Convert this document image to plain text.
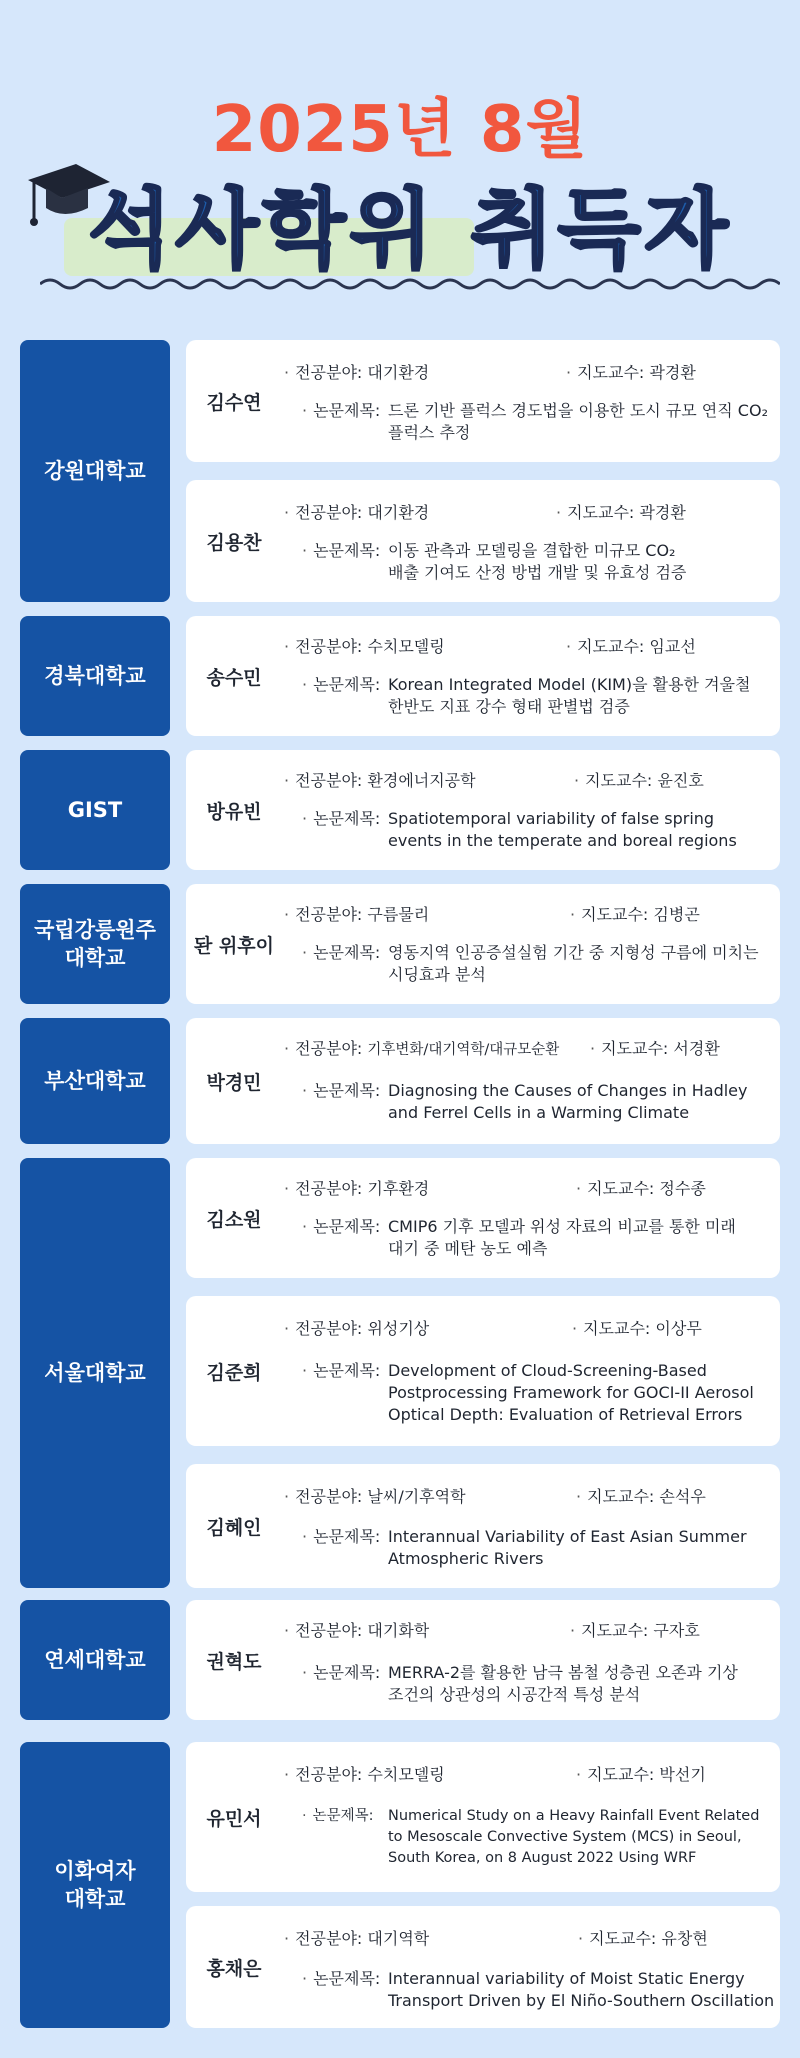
2025년 8월
석사학위 취득자
강원대학교
김수연
· 전공분야: 대기환경	· 지도교수: 곽경환
· 논문제목: 드론 기반 플럭스 경도법을 이용한 도시 규모 연직 CO₂
플럭스 추정
김용찬
· 전공분야: 대기환경	· 지도교수: 곽경환
· 논문제목: 이동 관측과 모델링을 결합한 미규모 CO₂
배출 기여도 산정 방법 개발 및 유효성 검증
경북대학교	송수민
· 전공분야: 수치모델링	· 지도교수: 임교선
· 논문제목: Korean Integrated Model (KIM)을 활용한 겨울철
한반도 지표 강수 형태 판별법 검증
GIST	방유빈
· 전공분야: 환경에너지공학	· 지도교수: 윤진호
· 논문제목: Spatiotemporal variability of false spring
events in the temperate and boreal regions
국립강릉원주
대학교
돤 위후이
· 전공분야: 구름물리	· 지도교수: 김병곤
· 논문제목: 영동지역 인공증설실험 기간 중 지형성 구름에 미치는
시딩효과 분석
부산대학교	박경민
· 전공분야: 기후변화/대기역학/대규모순환 · 지도교수: 서경환
· 논문제목: Diagnosing the Causes of Changes in Hadley
and Ferrel Cells in a Warming Climate
서울대학교
김소원
· 전공분야: 기후환경	· 지도교수: 정수종
· 논문제목: CMIP6 기후 모델과 위성 자료의 비교를 통한 미래
대기 중 메탄 농도 예측
김준희
· 전공분야: 위성기상	· 지도교수: 이상무
· 논문제목: Development of Cloud-Screening-Based
Postprocessing Framework for GOCI-II Aerosol
Optical Depth: Evaluation of Retrieval Errors
김혜인
· 전공분야: 날씨/기후역학	· 지도교수: 손석우
· 논문제목: Interannual Variability of East Asian Summer
Atmospheric Rivers
연세대학교	권혁도
· 전공분야: 대기화학	· 지도교수: 구자호
· 논문제목: MERRA-2를 활용한 남극 봄철 성층권 오존과 기상
조건의 상관성의 시공간적 특성 분석
이화여자
대학교
유민서
· 전공분야: 수치모델링	· 지도교수: 박선기
· 논문제목: Numerical Study on a Heavy Rainfall Event Related
to Mesoscale Convective System (MCS) in Seoul,
South Korea, on 8 August 2022 Using WRF
홍채은
· 전공분야: 대기역학	· 지도교수: 유창현
· 논문제목: Interannual variability of Moist Static Energy
Transport Driven by El Niño-Southern Oscillation
